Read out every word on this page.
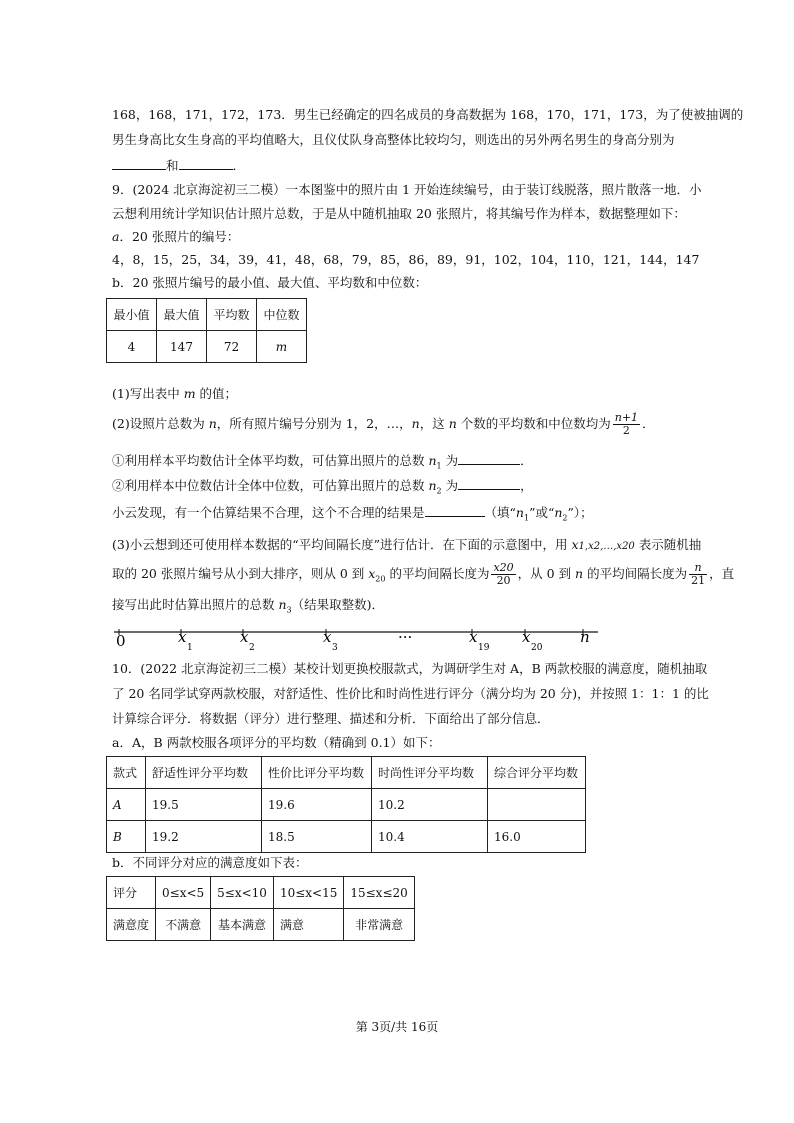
168，168，171，172，173．男生已经确定的四名成员的身高数据为 168，170，171，173，为了使被抽调的
男生身高比女生身高的平均值略大，且仪仗队身高整体比较均匀，则选出的另外两名男生的身高分别为
和	．
9．(2024 北京海淀初三二模）一本图鉴中的照片由 1 开始连续编号，由于装订线脱落，照片散落一地．小
云想利用统计学知识估计照片总数，于是从中随机抽取 20 张照片，将其编号作为样本，数据整理如下：
a．20 张照片的编号：
4，8，15，25，34，39，41，48，68，79，85，86，89，91，102，104，110，121，144，147
b．20 张照片编号的最小值、最大值、平均数和中位数：
最小值	最大值	平均数	中位数
4	147	72	m
(1)写出表中 m 的值；
(2)设照片总数为 n，所有照片编号分别为 1，2，…，n，这 n 个数的平均数和中位数均为 $\frac{n+1}{2}$ ．
①利用样本平均数估计全体平均数，可估算出照片的总数 $n_1$ 为	．
②利用样本中位数估计全体中位数，可估算出照片的总数 $n_2$ 为	，
小云发现，有一个估算结果不合理，这个不合理的结果是	（填“$n_1$”或“$n_2$”）；
(3)小云想到还可使用样本数据的“平均间隔长度”进行估计．在下面的示意图中，用 x1,x2,…,x20 表示随机抽
取的 20 张照片编号从小到大排序，则从 0 到 $x_{20}$ 的平均间隔长度为 $\frac{x20}{20}$ ，从 0 到 n 的平均间隔长度为 $\frac{n}{21}$ ，直
接写出此时估算出照片的总数 $n_3$（结果取整数)．
0	x
1
x
2
x
3
···	x
19
x
20
n
10．(2022 北京海淀初三二模）某校计划更换校服款式，为调研学生对 A，B 两款校服的满意度，随机抽取
了 20 名同学试穿两款校服，对舒适性、性价比和时尚性进行评分（满分均为 20 分)，并按照 1：1：1 的比
计算综合评分．将数据（评分）进行整理、描述和分析．下面给出了部分信息．
a．A，B 两款校服各项评分的平均数（精确到 0.1）如下：
款式	舒适性评分平均数	性价比评分平均数	时尚性评分平均数	综合评分平均数
A	19.5	19.6	10.2	
B	19.2	18.5	10.4	16.0
b．不同评分对应的满意度如下表：
评分	0≤x<5	5≤x<10	10≤x<15	15≤x≤20
满意度	不满意	基本满意	满意	非常满意
第 3页/共 16页
